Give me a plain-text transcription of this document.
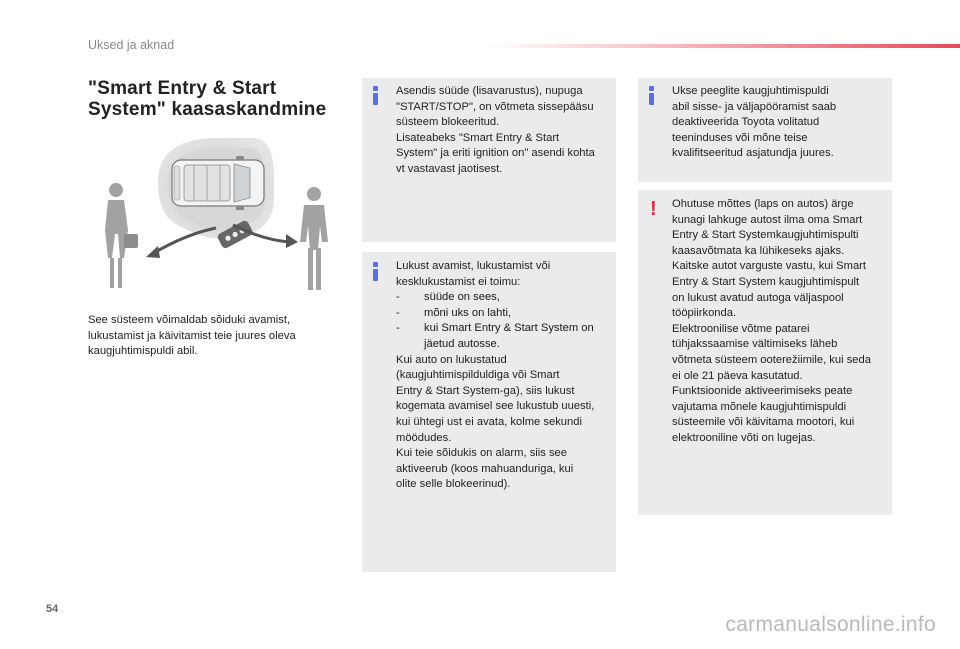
Uksed ja aknad
"Smart Entry & Start System" kaasaskandmine

See süsteem võimaldab sõiduki avamist, lukustamist ja käivitamist teie juures oleva kaugjuhtimispuldi abil.

Asendis süüde (lisavarustus), nupuga

"START/STOP", on võtmeta sissepääsu

süsteem blokeeritud.

Lisateabeks "Smart Entry & Start

System" ja eriti ignition on" asendi kohta

vt vastavast jaotisest.

Lukust avamist, lukustamist või

kesklukustamist ei toimu:

- süüde on sees,
- mõni uks on lahti,
- kui Smart Entry & Start System on
jäetud autosse.

Kui auto on lukustatud

(kaugjuhtimispilduldiga või Smart

Entry & Start System-ga), siis lukust

kogemata avamisel see lukustub uuesti,

kui ühtegi ust ei avata, kolme sekundi

möödudes.

Kui teie sõidukis on alarm, siis see

aktiveerub (koos mahuanduriga, kui

olite selle blokeerinud).

Ukse peeglite kaugjuhtimispuldi

abil sisse- ja väljapööramist saab

deaktiveerida Toyota volitatud

teeninduses või mõne teise

kvalifitseeritud asjatundja juures.

! Ohutuse mõttes (laps on autos) ärge

kunagi lahkuge autost ilma oma Smart

Entry & Start Systemkaugjuhtimispulti

kaasavõtmata ka lühikeseks ajaks.

Kaitske autot varguste vastu, kui Smart

Entry & Start System kaugjuhtimispult

on lukust avatud autoga väljaspool

tööpiirkonda.

Elektroonilise võtme patarei

tühjakssaamise vältimiseks läheb

võtmeta süsteem ooterežiimile, kui seda

ei ole 21 päeva kasutatud.

Funktsioonide aktiveerimiseks peate

vajutama mõnele kaugjuhtimispuldi

süsteemile või käivitama mootori, kui

elektrooniline võti on lugejas.

54
carmanualsonline.info
